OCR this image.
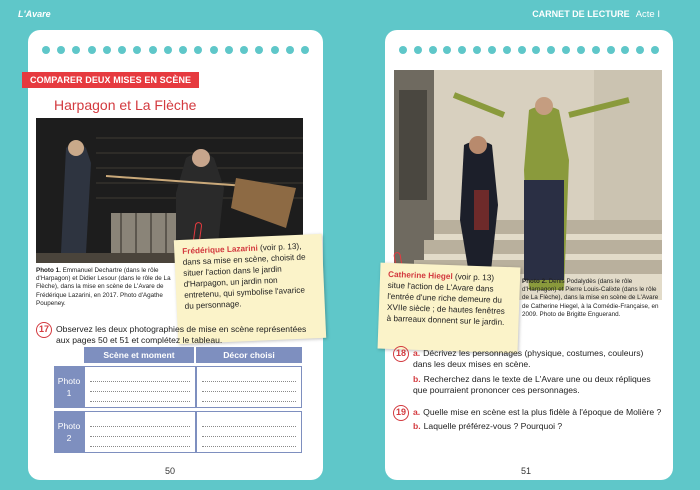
L'Avare	CARNET DE LECTURE Acte I
COMPARER DEUX MISES EN SCÈNE
Harpagon et La Flèche
Photo 1. Emmanuel Dechartre (dans le rôle d'Harpagon) et Didier Lesour (dans le rôle de La Flèche), dans la mise en scène de L'Avare de Frédérique Lazarini, en 2017. Photo d'Agathe Poupeney.
Frédérique Lazarini (voir p. 13), dans sa mise en scène, choisit de situer l'action dans le jardin d'Harpagon, un jardin non entretenu, qui symbolise l'avarice du personnage.
17 Observez les deux photographies de mise en scène représentées aux pages 50 et 51 et complétez le tableau.
Scène et moment	Décor choisi
Photo
1
Photo
2
50
Photo 2. Denis Podalydès (dans le rôle d'Harpagon) et Pierre Louis-Calixte (dans le rôle de La Flèche), dans la mise en scène de L'Avare de Catherine Hiegel, à la Comédie-Française, en 2009. Photo de Brigitte Enguerand.
Catherine Hiegel (voir p. 13) situe l'action de L'Avare dans l'entrée d'une riche demeure du XVIIe siècle ; de hautes fenêtres à barreaux donnent sur le jardin.
18 a. Décrivez les personnages (physique, costumes, couleurs) dans les deux mises en scène.
b. Recherchez dans le texte de L'Avare une ou deux répliques que pourraient prononcer ces personnages.
19 a. Quelle mise en scène est la plus fidèle à l'époque de Molière ?
b. Laquelle préférez-vous ? Pourquoi ?
51
